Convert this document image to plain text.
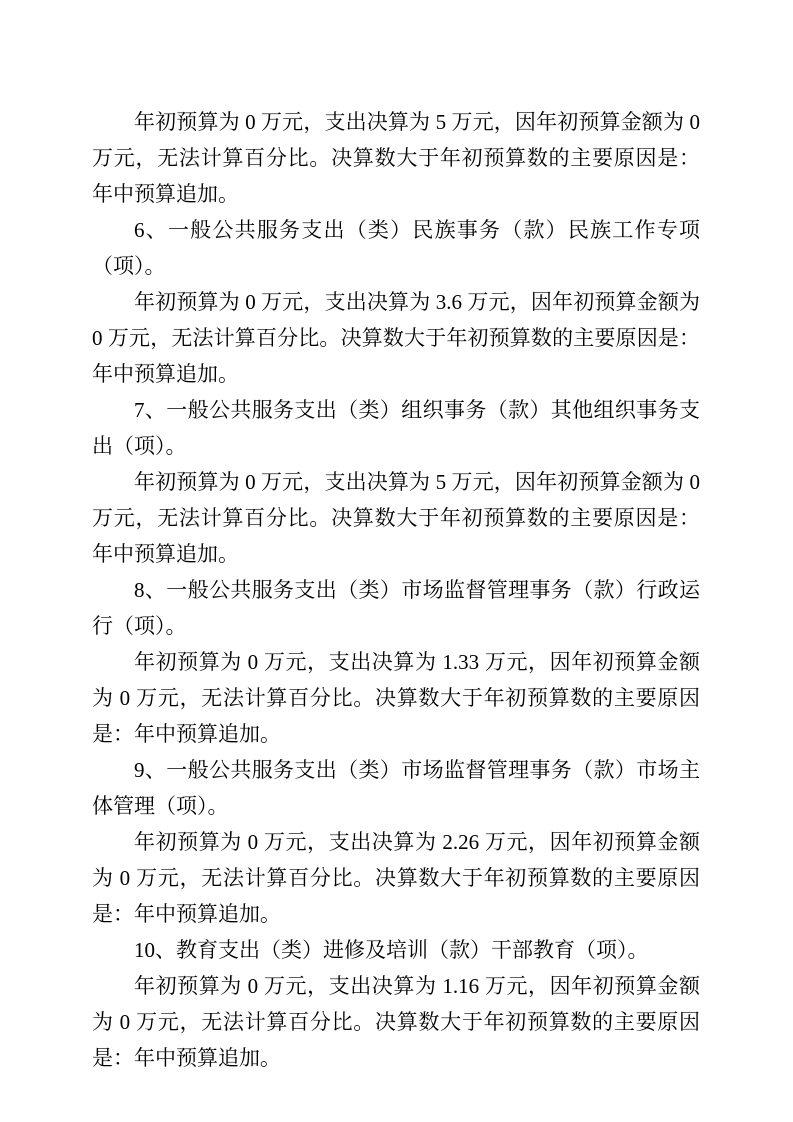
年初预算为 0 万元，支出决算为 5 万元，因年初预算金额为 0 万元，无法计算百分比。决算数大于年初预算数的主要原因是：年中预算追加。

6、一般公共服务支出（类）民族事务（款）民族工作专项（项）。

年初预算为 0 万元，支出决算为 3.6 万元，因年初预算金额为 0 万元，无法计算百分比。决算数大于年初预算数的主要原因是：年中预算追加。

7、一般公共服务支出（类）组织事务（款）其他组织事务支出（项）。

年初预算为 0 万元，支出决算为 5 万元，因年初预算金额为 0 万元，无法计算百分比。决算数大于年初预算数的主要原因是：年中预算追加。

8、一般公共服务支出（类）市场监督管理事务（款）行政运行（项）。

年初预算为 0 万元，支出决算为 1.33 万元，因年初预算金额为 0 万元，无法计算百分比。决算数大于年初预算数的主要原因是：年中预算追加。

9、一般公共服务支出（类）市场监督管理事务（款）市场主体管理（项）。

年初预算为 0 万元，支出决算为 2.26 万元，因年初预算金额为 0 万元，无法计算百分比。决算数大于年初预算数的主要原因是：年中预算追加。

10、教育支出（类）进修及培训（款）干部教育（项）。

年初预算为 0 万元，支出决算为 1.16 万元，因年初预算金额为 0 万元，无法计算百分比。决算数大于年初预算数的主要原因是：年中预算追加。
